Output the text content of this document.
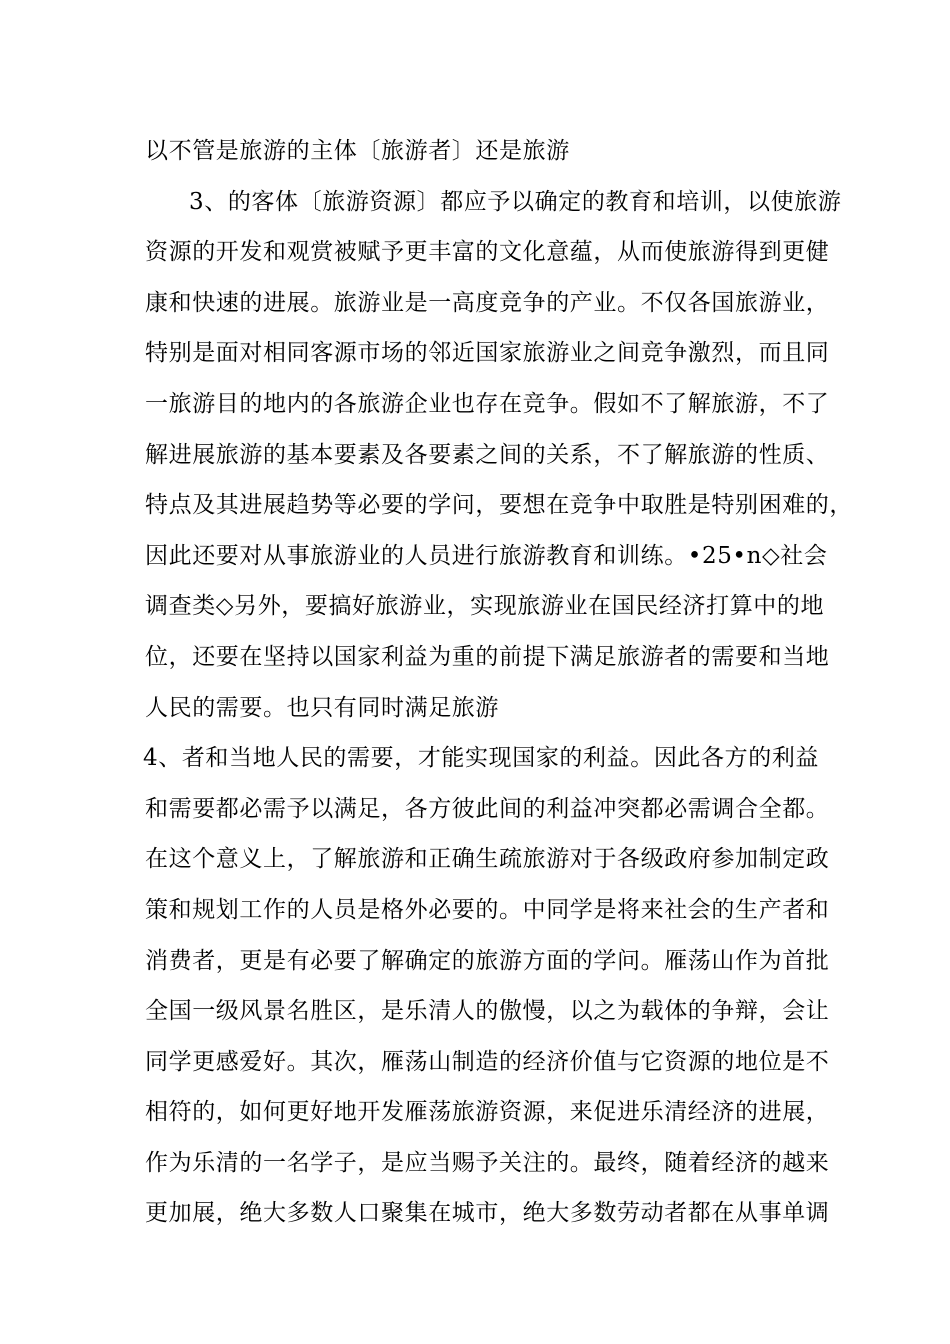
以不管是旅游的主体〔旅游者〕还是旅游
3、的客体〔旅游资源〕都应予以确定的教育和培训，以使旅游
资源的开发和观赏被赋予更丰富的文化意蕴，从而使旅游得到更健
康和快速的进展。旅游业是一高度竞争的产业。不仅各国旅游业，
特别是面对相同客源市场的邻近国家旅游业之间竞争激烈，而且同
一旅游目的地内的各旅游企业也存在竞争。假如不了解旅游，不了
解进展旅游的基本要素及各要素之间的关系，不了解旅游的性质、
特点及其进展趋势等必要的学问，要想在竞争中取胜是特别困难的，
因此还要对从事旅游业的人员进行旅游教育和训练。•25•n◇社会
调查类◇另外，要搞好旅游业，实现旅游业在国民经济打算中的地
位，还要在坚持以国家利益为重的前提下满足旅游者的需要和当地
人民的需要。也只有同时满足旅游
4、者和当地人民的需要，才能实现国家的利益。因此各方的利益
和需要都必需予以满足，各方彼此间的利益冲突都必需调合全都。
在这个意义上，了解旅游和正确生疏旅游对于各级政府参加制定政
策和规划工作的人员是格外必要的。中同学是将来社会的生产者和
消费者，更是有必要了解确定的旅游方面的学问。雁荡山作为首批
全国一级风景名胜区，是乐清人的傲慢，以之为载体的争辩，会让
同学更感爱好。其次，雁荡山制造的经济价值与它资源的地位是不
相符的，如何更好地开发雁荡旅游资源，来促进乐清经济的进展，
作为乐清的一名学子，是应当赐予关注的。最终，随着经济的越来
更加展，绝大多数人口聚集在城市，绝大多数劳动者都在从事单调
